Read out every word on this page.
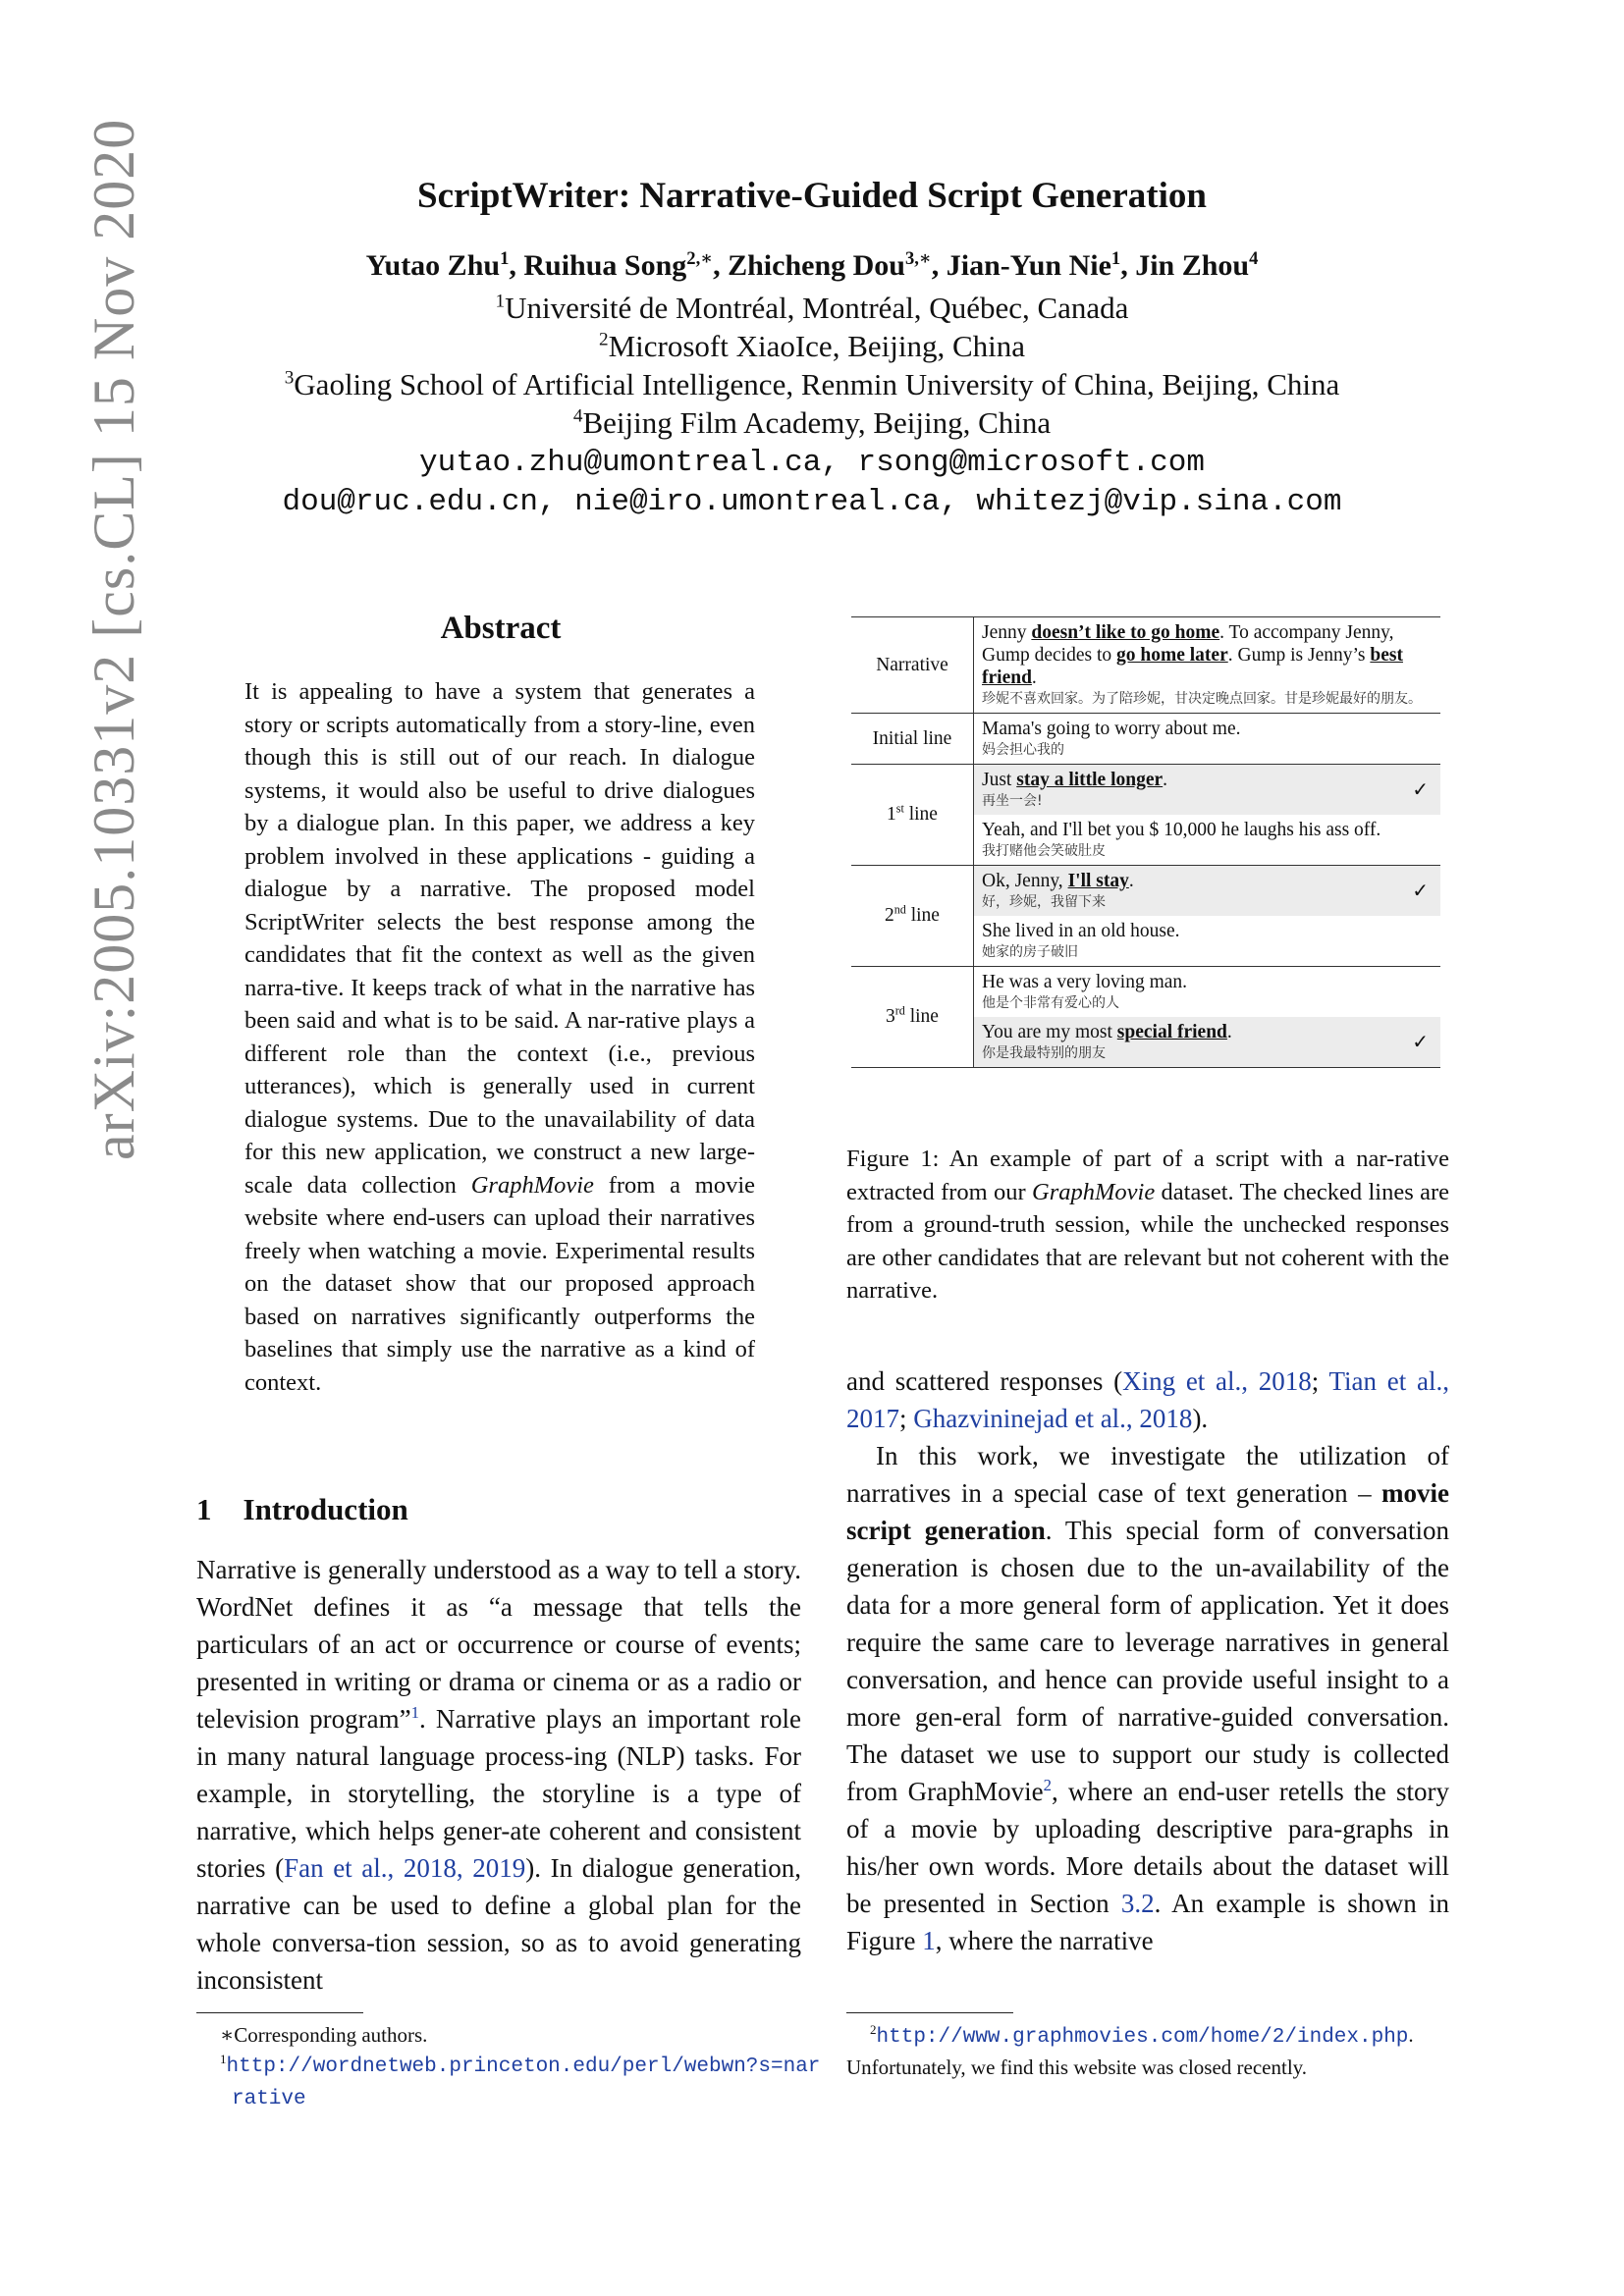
arXiv:2005.10331v2 [cs.CL] 15 Nov 2020	ScriptWriter: Narrative-Guided Script Generation
Yutao Zhu$^1$, Ruihua Song$^{2,∗}$, Zhicheng Dou$^{3,∗}$, Jian-Yun Nie$^1$, Jin Zhou$^4$
$^1$Université de Montréal, Montréal, Québec, Canada
$^2$Microsoft XiaoIce, Beijing, China
$^3$Gaoling School of Artificial Intelligence, Renmin University of China, Beijing, China
$^4$Beijing Film Academy, Beijing, China
yutao.zhu@umontreal.ca, rsong@microsoft.com
dou@ruc.edu.cn, nie@iro.umontreal.ca, whitezj@vip.sina.com
Abstract
It is appealing to have a system that generates a story or scripts automatically from a story-line, even though this is still out of our reach. In dialogue systems, it would also be useful to drive dialogues by a dialogue plan. In this paper, we address a key problem involved in these applications - guiding a dialogue by a narrative. The proposed model ScriptWriter selects the best response among the candidates that fit the context as well as the given narra-tive. It keeps track of what in the narrative has been said and what is to be said. A nar-rative plays a different role than the context (i.e., previous utterances), which is generally used in current dialogue systems. Due to the unavailability of data for this new application, we construct a new large-scale data collection GraphMovie from a movie website where end-users can upload their narratives freely when watching a movie. Experimental results on the dataset show that our proposed approach based on narratives significantly outperforms the baselines that simply use the narrative as a kind of context.
1 Introduction
Narrative is generally understood as a way to tell a story. WordNet defines it as “a message that tells the particulars of an act or occurrence or course of events; presented in writing or drama or cinema or as a radio or television program”$^1$. Narrative plays an important role in many natural language process-ing (NLP) tasks. For example, in storytelling, the storyline is a type of narrative, which helps gener-ate coherent and consistent stories (Fan et al., 2018, 2019). In dialogue generation, narrative can be used to define a global plan for the whole conversa-tion session, so as to avoid generating inconsistent
∗Corresponding authors.
$^1$http://wordnetweb.princeton.edu/perl/webwn?s=narrative
Narrative	Jenny doesn’t like to go home. To accompany Jenny, Gump decides to go home later. Gump is Jenny’s best friend.
珍妮不喜欢回家。为了陪珍妮，甘决定晚点回家。甘是珍妮最好的朋友。

Initial line	Mama's going to worry about me.
妈会担心我的

1st line	Just stay a little longer.
再坐一会!
✓
Yeah, and I'll bet you $ 10,000 he laughs his ass off.
我打赌他会笑破肚皮

2nd line	Ok, Jenny, I'll stay.
好，珍妮，我留下来
✓
She lived in an old house.
她家的房子破旧

3rd line	He was a very loving man.
他是个非常有爱心的人
You are my most special friend.
你是我最特别的朋友
✓
Figure 1: An example of part of a script with a nar-rative extracted from our GraphMovie dataset. The checked lines are from a ground-truth session, while the unchecked responses are other candidates that are relevant but not coherent with the narrative.
and scattered responses (Xing et al., 2018; Tian et al., 2017; Ghazvininejad et al., 2018).
In this work, we investigate the utilization of narratives in a special case of text generation – movie script generation. This special form of conversation generation is chosen due to the un-availability of the data for a more general form of application. Yet it does require the same care to leverage narratives in general conversation, and hence can provide useful insight to a more gen-eral form of narrative-guided conversation. The dataset we use to support our study is collected from GraphMovie$^2$, where an end-user retells the story of a movie by uploading descriptive para-graphs in his/her own words. More details about the dataset will be presented in Section 3.2. An example is shown in Figure 1, where the narrative
$^2$http://www.graphmovies.com/home/2/index.php. Unfortunately, we find this website was closed recently.
